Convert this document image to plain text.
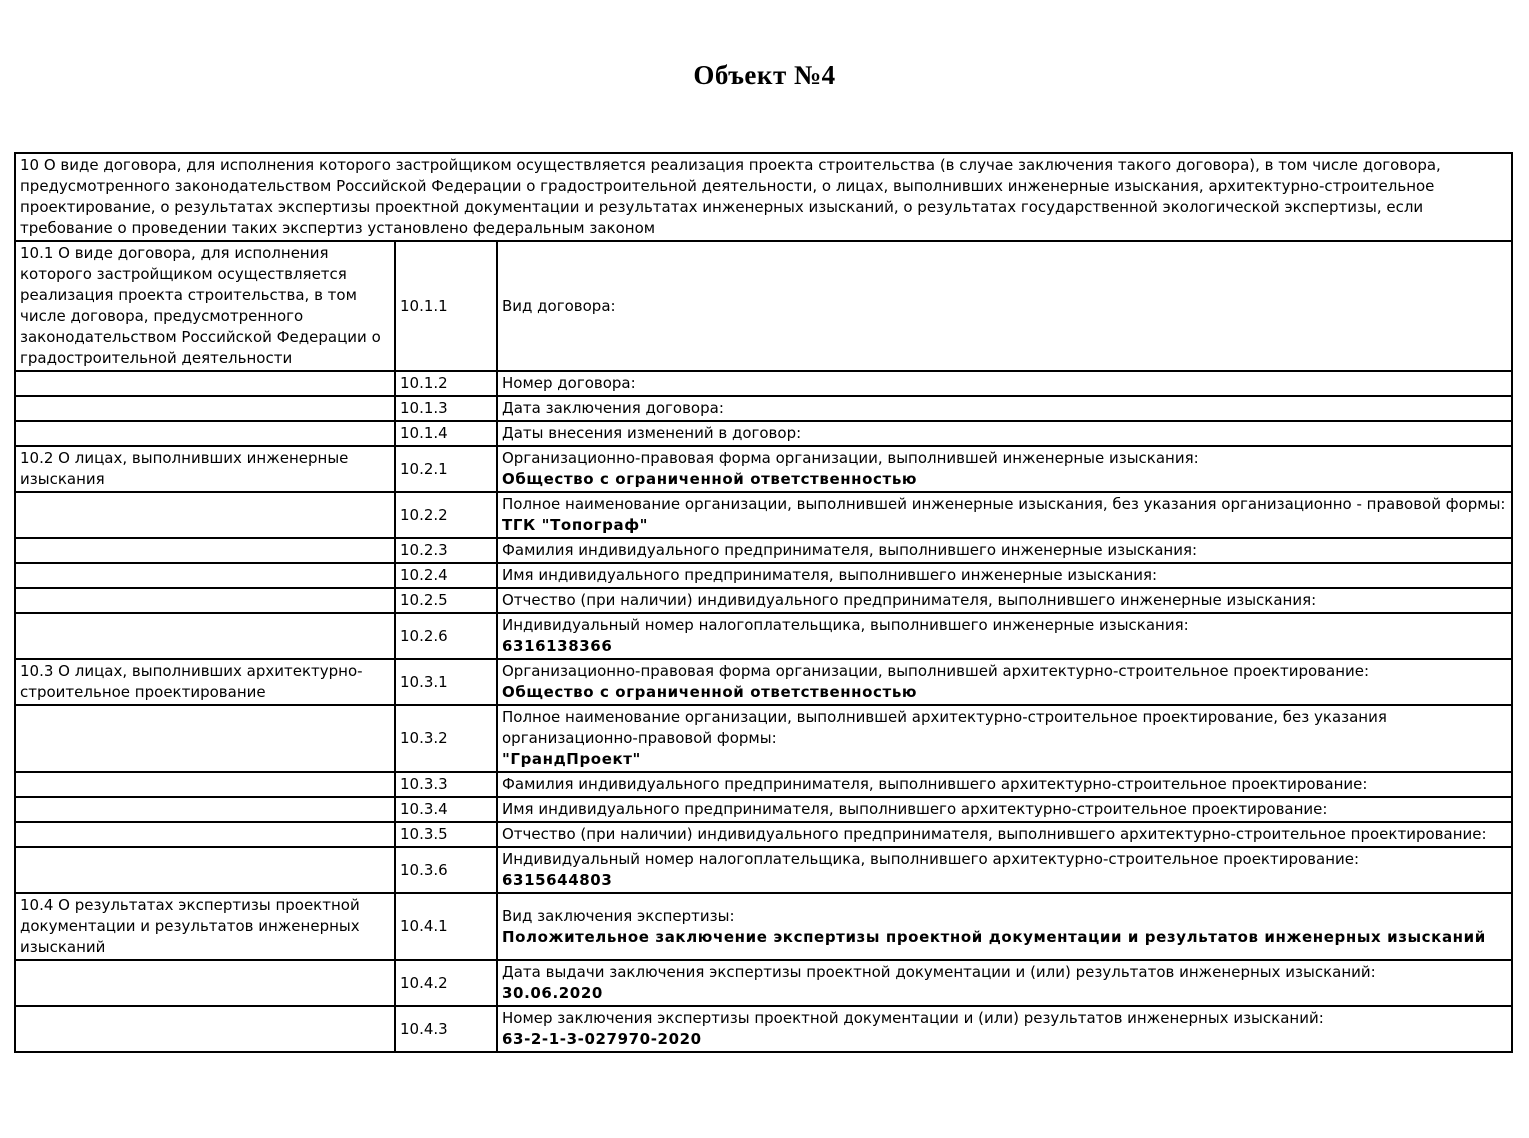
Объект №4
10 О виде договора, для исполнения которого застройщиком осуществляется реализация проекта строительства (в случае заключения такого договора), в том числе договора, предусмотренного законодательством Российской Федерации о градостроительной деятельности, о лицах, выполнивших инженерные изыскания, архитектурно-строительное проектирование, о результатах экспертизы проектной документации и результатах инженерных изысканий, о результатах государственной экологической экспертизы, если требование о проведении таких экспертиз установлено федеральным законом		
10.1 О виде договора, для исполнения которого застройщиком осуществляется реализация проекта строительства, в том числе договора, предусмотренного законодательством Российской Федерации о градостроительной деятельности	10.1.1	Вид договора:

	10.1.2	Номер договора:

	10.1.3	Дата заключения договора:

	10.1.4	Даты внесения изменений в договор:

10.2 О лицах, выполнивших инженерные изыскания	10.2.1	Организационно-правовая форма организации, выполнившей инженерные изыскания:
Общество с ограниченной ответственностью

	10.2.2	Полное наименование организации, выполнившей инженерные изыскания, без указания организационно - правовой формы:
ТГК "Топограф"

	10.2.3	Фамилия индивидуального предпринимателя, выполнившего инженерные изыскания:

	10.2.4	Имя индивидуального предпринимателя, выполнившего инженерные изыскания:

	10.2.5	Отчество (при наличии) индивидуального предпринимателя, выполнившего инженерные изыскания:

	10.2.6	Индивидуальный номер налогоплательщика, выполнившего инженерные изыскания:
6316138366

10.3 О лицах, выполнивших архитектурно-строительное проектирование	10.3.1	Организационно-правовая форма организации, выполнившей архитектурно-строительное проектирование:
Общество с ограниченной ответственностью

	10.3.2	Полное наименование организации, выполнившей архитектурно-строительное проектирование, без указания организационно-правовой формы:
"ГрандПроект"

	10.3.3	Фамилия индивидуального предпринимателя, выполнившего архитектурно-строительное проектирование:

	10.3.4	Имя индивидуального предпринимателя, выполнившего архитектурно-строительное проектирование:

	10.3.5	Отчество (при наличии) индивидуального предпринимателя, выполнившего архитектурно-строительное проектирование:

	10.3.6	Индивидуальный номер налогоплательщика, выполнившего архитектурно-строительное проектирование:
6315644803

10.4 О результатах экспертизы проектной документации и результатов инженерных изысканий	10.4.1	Вид заключения экспертизы:
Положительное заключение экспертизы проектной документации и результатов инженерных изысканий

	10.4.2	Дата выдачи заключения экспертизы проектной документации и (или) результатов инженерных изысканий:
30.06.2020

	10.4.3	Номер заключения экспертизы проектной документации и (или) результатов инженерных изысканий:
63-2-1-3-027970-2020
